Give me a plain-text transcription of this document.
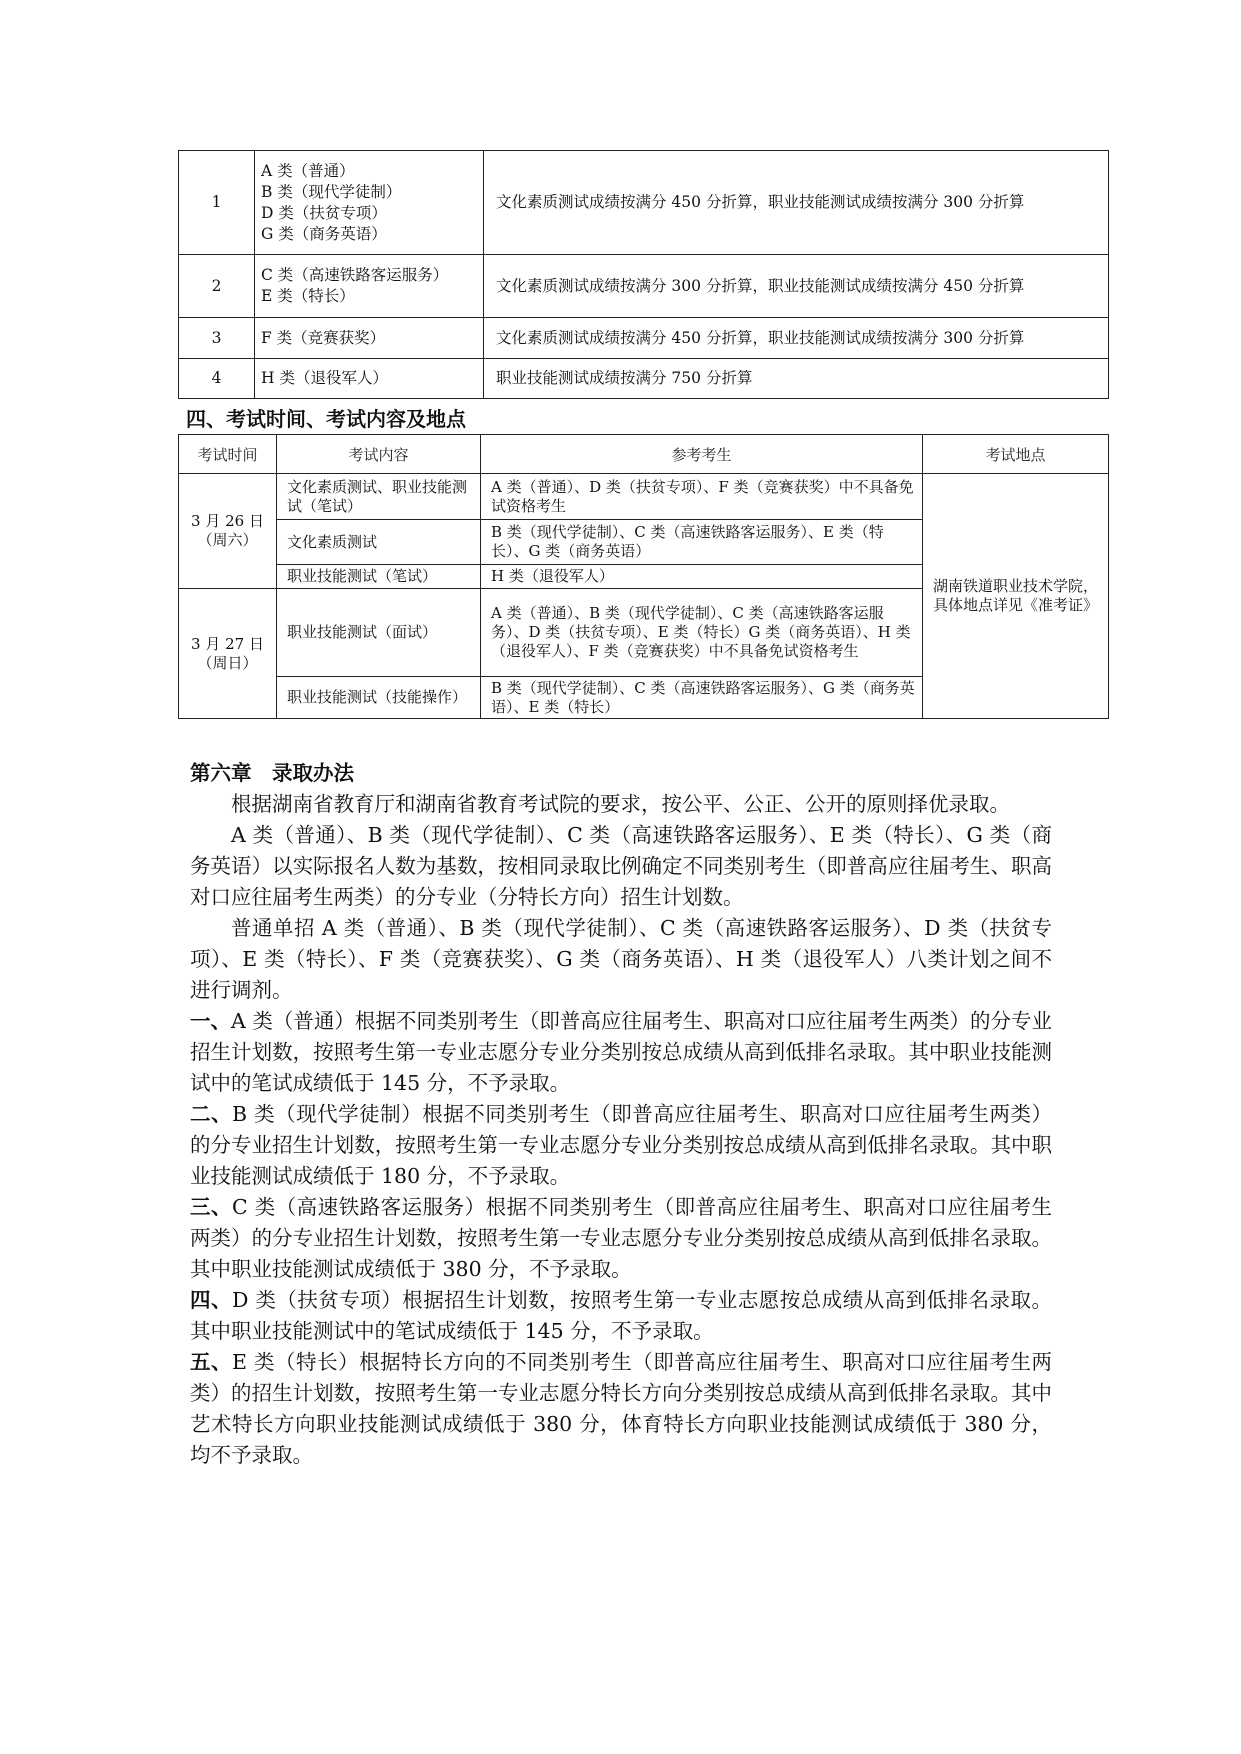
1	A 类（普通）
B 类（现代学徒制）
D 类（扶贫专项）
G 类（商务英语）	文化素质测试成绩按满分 450 分折算，职业技能测试成绩按满分 300 分折算
2	C 类（高速铁路客运服务）
E 类（特长）	文化素质测试成绩按满分 300 分折算，职业技能测试成绩按满分 450 分折算
3	F 类（竞赛获奖）	文化素质测试成绩按满分 450 分折算，职业技能测试成绩按满分 300 分折算
4	H 类（退役军人）	职业技能测试成绩按满分 750 分折算
四、考试时间、考试内容及地点
考试时间	考试内容	参考考生	考试地点
3 月 26 日（周六）	文化素质测试、职业技能测试（笔试）	A 类（普通）、D 类（扶贫专项）、F 类（竞赛获奖）中不具备免试资格考生	湖南铁道职业技术学院，具体地点详见《准考证》
	文化素质测试	B 类（现代学徒制）、C 类（高速铁路客运服务）、E 类（特长）、G 类（商务英语）	
	职业技能测试（笔试）	H 类（退役军人）	
3 月 27 日（周日）	职业技能测试（面试）	A 类（普通）、B 类（现代学徒制）、C 类（高速铁路客运服务）、D 类（扶贫专项）、E 类（特长）G 类（商务英语）、H 类（退役军人）、F 类（竞赛获奖）中不具备免试资格考生	
	职业技能测试（技能操作）	B 类（现代学徒制）、C 类（高速铁路客运服务）、G 类（商务英语）、E 类（特长）	

第六章　录取办法

根据湖南省教育厅和湖南省教育考试院的要求，按公平、公正、公开的原则择优录取。

A 类（普通）、B 类（现代学徒制）、C 类（高速铁路客运服务）、E 类（特长）、G 类（商务英语）以实际报名人数为基数，按相同录取比例确定不同类别考生（即普高应往届考生、职高对口应往届考生两类）的分专业（分特长方向）招生计划数。

普通单招 A 类（普通）、B 类（现代学徒制）、C 类（高速铁路客运服务）、D 类（扶贫专项）、E 类（特长）、F 类（竞赛获奖）、G 类（商务英语）、H 类（退役军人）八类计划之间不进行调剂。

一、A 类（普通）根据不同类别考生（即普高应往届考生、职高对口应往届考生两类）的分专业招生计划数，按照考生第一专业志愿分专业分类别按总成绩从高到低排名录取。其中职业技能测试中的笔试成绩低于 145 分，不予录取。

二、B 类（现代学徒制）根据不同类别考生（即普高应往届考生、职高对口应往届考生两类）的分专业招生计划数，按照考生第一专业志愿分专业分类别按总成绩从高到低排名录取。其中职业技能测试成绩低于 180 分，不予录取。

三、C 类（高速铁路客运服务）根据不同类别考生（即普高应往届考生、职高对口应往届考生两类）的分专业招生计划数，按照考生第一专业志愿分专业分类别按总成绩从高到低排名录取。其中职业技能测试成绩低于 380 分，不予录取。

四、D 类（扶贫专项）根据招生计划数，按照考生第一专业志愿按总成绩从高到低排名录取。其中职业技能测试中的笔试成绩低于 145 分，不予录取。

五、E 类（特长）根据特长方向的不同类别考生（即普高应往届考生、职高对口应往届考生两类）的招生计划数，按照考生第一专业志愿分特长方向分类别按总成绩从高到低排名录取。其中艺术特长方向职业技能测试成绩低于 380 分，体育特长方向职业技能测试成绩低于 380 分，均不予录取。
